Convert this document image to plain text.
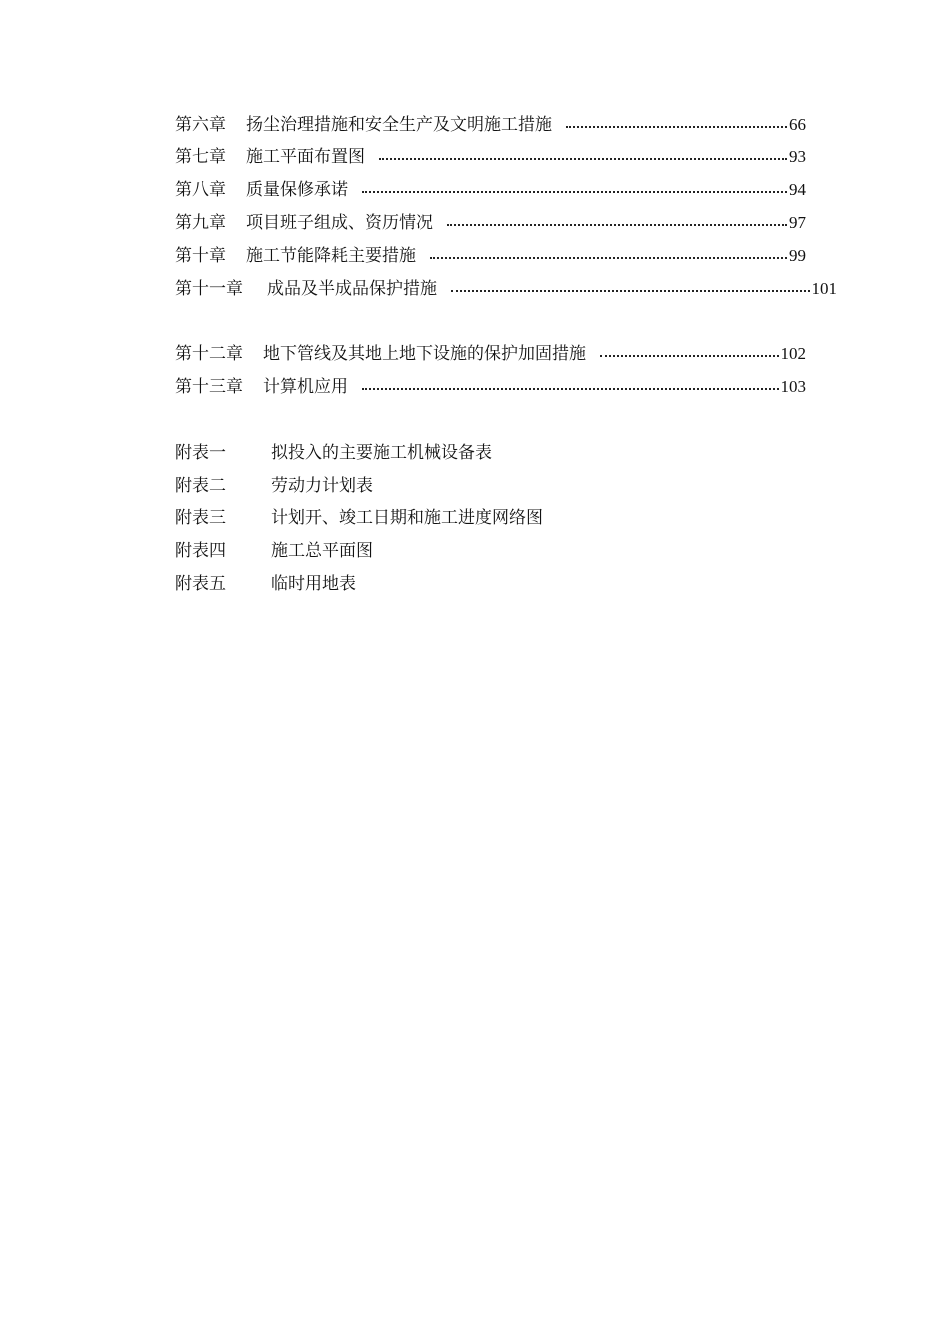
第六章 扬尘治理措施和安全生产及文明施工措施	66
第七章 施工平面布置图	93
第八章 质量保修承诺	94
第九章 项目班子组成、资历情况	97
第十章 施工节能降耗主要措施	99
第十一章 成品及半成品保护措施	101
第十二章 地下管线及其地上地下设施的保护加固措施	102
第十三章 计算机应用	103
附表一	拟投入的主要施工机械设备表
附表二	劳动力计划表
附表三	计划开、竣工日期和施工进度网络图
附表四	施工总平面图
附表五	临时用地表
